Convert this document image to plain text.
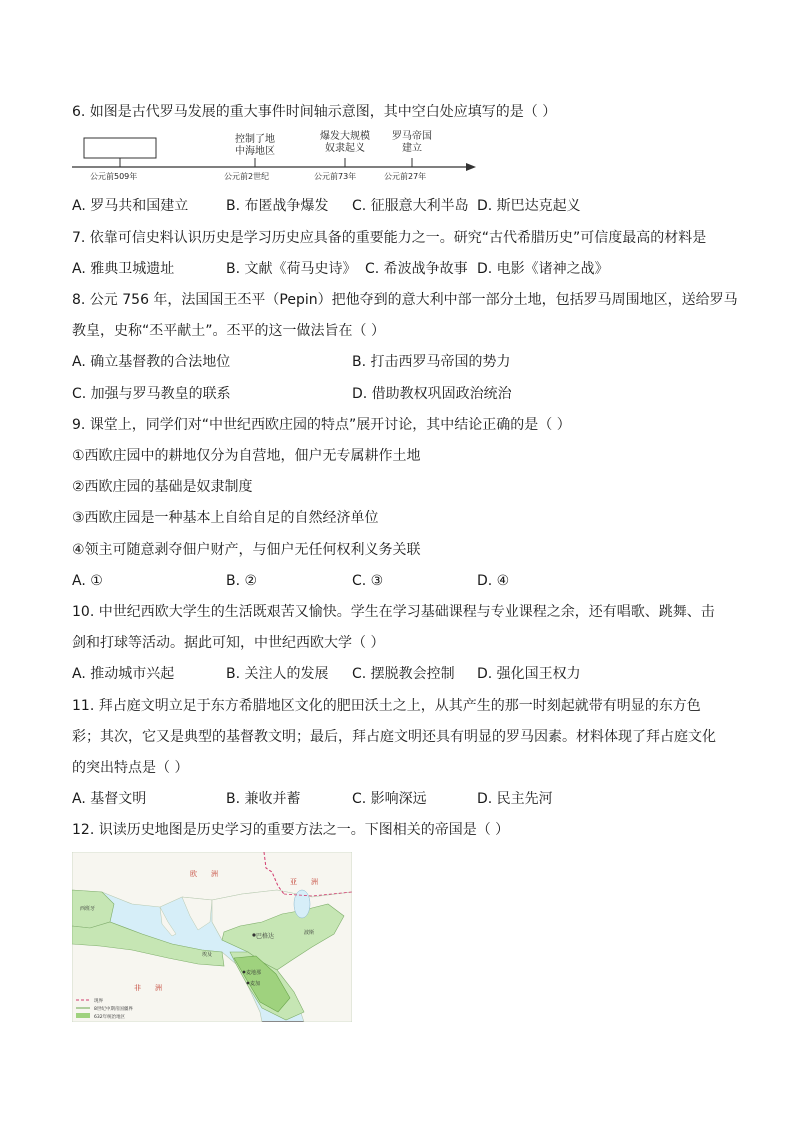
6. 如图是古代罗马发展的重大事件时间轴示意图，其中空白处应填写的是（ ）
控制了地
中海地区
爆发大规模
奴隶起义
罗马帝国
建立
公元前509年	公元前2世纪	公元前73年	公元前27年
A. 罗马共和国建立	B. 布匿战争爆发 C. 征服意大利半岛 D. 斯巴达克起义
7. 依靠可信史料认识历史是学习历史应具备的重要能力之一。研究“古代希腊历史”可信度最高的材料是
A. 雅典卫城遗址	B. 文献《荷马史诗》 C. 希波战争故事 D. 电影《诸神之战》
8. 公元 756 年，法国国王丕平（Pepin）把他夺到的意大利中部一部分土地，包括罗马周围地区，送给罗马
教皇，史称“丕平献土”。丕平的这一做法旨在（ ）
A. 确立基督教的合法地位	B. 打击西罗马帝国的势力
C. 加强与罗马教皇的联系	D. 借助教权巩固政治统治
9. 课堂上，同学们对“中世纪西欧庄园的特点”展开讨论，其中结论正确的是（ ）
①西欧庄园中的耕地仅分为自营地，佃户无专属耕作土地
②西欧庄园的基础是奴隶制度
③西欧庄园是一种基本上自给自足的自然经济单位
④领主可随意剥夺佃户财产，与佃户无任何权利义务关联
A. ①	B. ②	C. ③	D. ④
10. 中世纪西欧大学生的生活既艰苦又愉快。学生在学习基础课程与专业课程之余，还有唱歌、跳舞、击
剑和打球等活动。据此可知，中世纪西欧大学（ ）
A. 推动城市兴起	B. 关注人的发展 C. 摆脱教会控制 D. 强化国王权力
11. 拜占庭文明立足于东方希腊地区文化的肥田沃土之上，从其产生的那一时刻起就带有明显的东方色
彩；其次，它又是典型的基督教文明；最后，拜占庭文明还具有明显的罗马因素。材料体现了拜占庭文化
的突出特点是（ ）
A. 基督文明	B. 兼收并蓄	C. 影响深远	D. 民主先河
12. 识读历史地图是历史学习的重要方法之一。下图相关的帝国是（ ）
欧　　洲
亚　　洲
非　　洲
西班牙
巴格达
麦地那
麦加
埃及
波斯
现界
8世纪中期帝国疆界
632年统治地区
